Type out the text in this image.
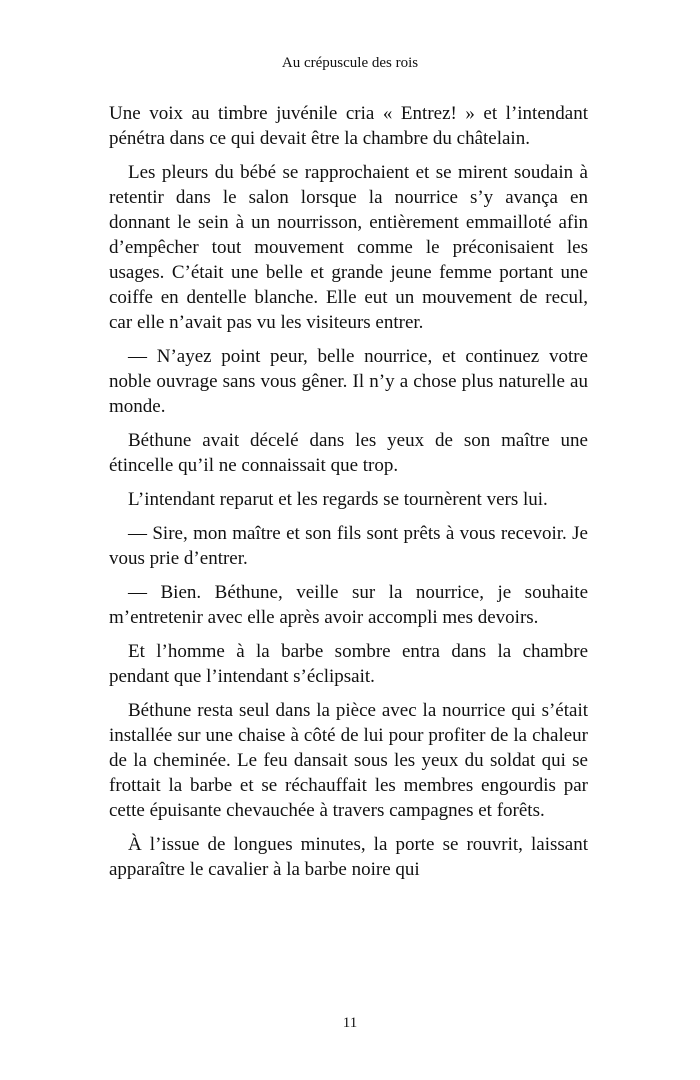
Au crépuscule des rois

Une voix au timbre juvénile cria « Entrez! » et l’intendant pénétra dans ce qui devait être la chambre du châtelain.

Les pleurs du bébé se rapprochaient et se mirent soudain à retentir dans le salon lorsque la nourrice s’y avança en donnant le sein à un nourrisson, entièrement emmailloté afin d’empêcher tout mouvement comme le préconisaient les usages. C’était une belle et grande jeune femme portant une coiffe en dentelle blanche. Elle eut un mouvement de recul, car elle n’avait pas vu les visiteurs entrer.

— N’ayez point peur, belle nourrice, et continuez votre noble ouvrage sans vous gêner. Il n’y a chose plus naturelle au monde.

Béthune avait décelé dans les yeux de son maître une étincelle qu’il ne connaissait que trop.

L’intendant reparut et les regards se tournèrent vers lui.

— Sire, mon maître et son fils sont prêts à vous recevoir. Je vous prie d’entrer.

— Bien. Béthune, veille sur la nourrice, je souhaite m’entretenir avec elle après avoir accompli mes devoirs.

Et l’homme à la barbe sombre entra dans la chambre pendant que l’intendant s’éclipsait.

Béthune resta seul dans la pièce avec la nourrice qui s’était installée sur une chaise à côté de lui pour profiter de la chaleur de la cheminée. Le feu dansait sous les yeux du soldat qui se frottait la barbe et se réchauffait les membres engourdis par cette épuisante chevauchée à travers campagnes et forêts.

À l’issue de longues minutes, la porte se rouvrit, laissant apparaître le cavalier à la barbe noire qui

11
